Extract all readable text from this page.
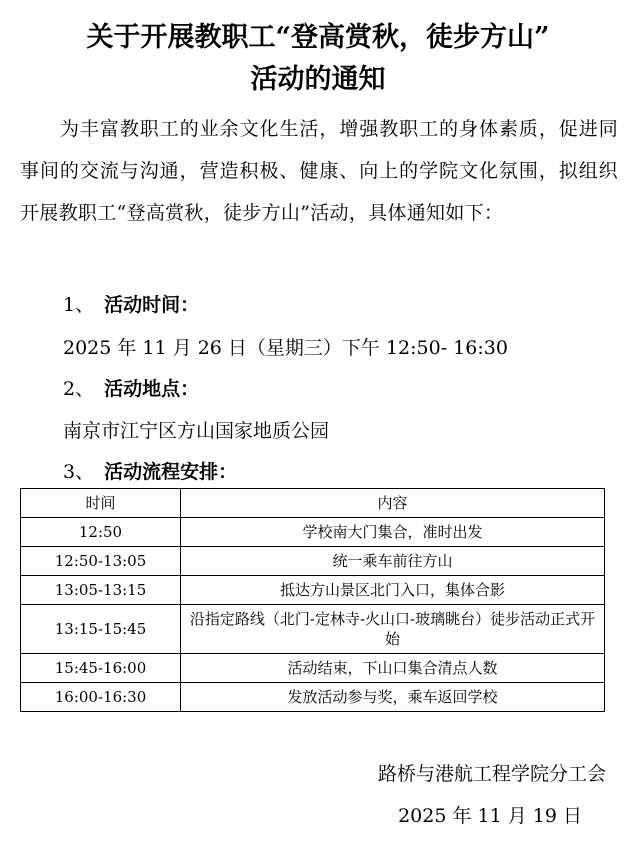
关于开展教职工“登高赏秋，徒步方山”
活动的通知

为丰富教职工的业余文化生活，增强教职工的身体素质，促进同事间的交流与沟通，营造积极、健康、向上的学院文化氛围，拟组织开展教职工“登高赏秋，徒步方山”活动，具体通知如下：

1、 活动时间：
2025 年 11 月 26 日（星期三）下午 12:50- 16:30
2、 活动地点：
南京市江宁区方山国家地质公园
3、 活动流程安排：
时间	内容
12:50	学校南大门集合，准时出发
12:50-13:05	统一乘车前往方山
13:05-13:15	抵达方山景区北门入口，集体合影
13:15-15:45	沿指定路线（北门-定林寺-火山口-玻璃眺台）徒步活动正式开始
15:45-16:00	活动结束，下山口集合清点人数
16:00-16:30	发放活动参与奖，乘车返回学校
路桥与港航工程学院分工会
2025 年 11 月 19 日
